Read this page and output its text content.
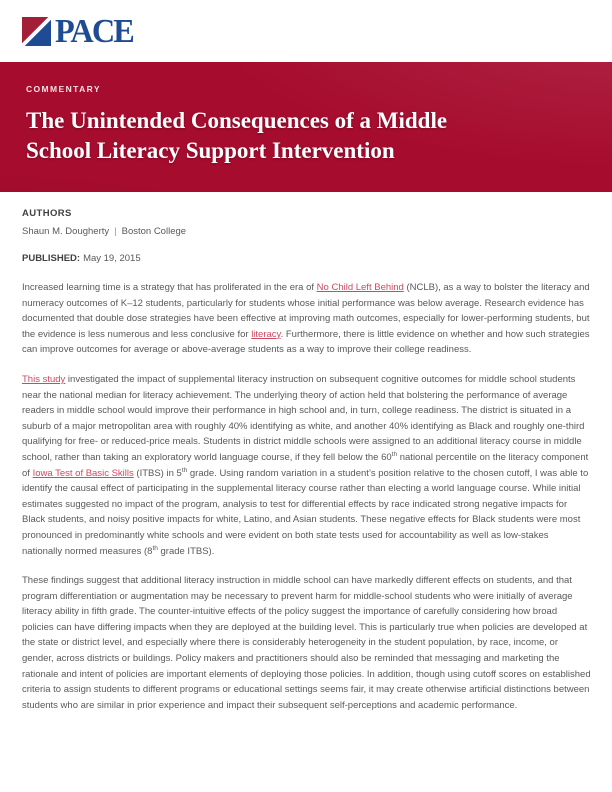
PACE
COMMENTARY
The Unintended Consequences of a Middle
School Literacy Support Intervention
AUTHORS
Shaun M. Dougherty | Boston College
PUBLISHED: May 19, 2015

Increased learning time is a strategy that has proliferated in the era of No Child Left Behind (NCLB), as a way to bolster the literacy and numeracy outcomes of K–12 students, particularly for students whose initial performance was below average. Research evidence has documented that double dose strategies have been effective at improving math outcomes, especially for lower-performing students, but the evidence is less numerous and less conclusive for literacy. Furthermore, there is little evidence on whether and how such strategies can improve outcomes for average or above-average students as a way to improve their college readiness.

This study investigated the impact of supplemental literacy instruction on subsequent cognitive outcomes for middle school students near the national median for literacy achievement. The underlying theory of action held that bolstering the performance of average readers in middle school would improve their performance in high school and, in turn, college readiness. The district is situated in a suburb of a major metropolitan area with roughly 40% identifying as white, and another 40% identifying as Black and roughly one-third qualifying for free- or reduced-price meals. Students in district middle schools were assigned to an additional literacy course in middle school, rather than taking an exploratory world language course, if they fell below the 60th national percentile on the literacy component of Iowa Test of Basic Skills (ITBS) in 5th grade. Using random variation in a student’s position relative to the chosen cutoff, I was able to identify the causal effect of participating in the supplemental literacy course rather than electing a world language course. While initial estimates suggested no impact of the program, analysis to test for differential effects by race indicated strong negative impacts for Black students, and noisy positive impacts for white, Latino, and Asian students. These negative effects for Black students were most pronounced in predominantly white schools and were evident on both state tests used for accountability as well as low-stakes nationally normed measures (8th grade ITBS).

These findings suggest that additional literacy instruction in middle school can have markedly different effects on students, and that program differentiation or augmentation may be necessary to prevent harm for middle-school students who were initially of average literacy ability in fifth grade. The counter-intuitive effects of the policy suggest the importance of carefully considering how broad policies can have differing impacts when they are deployed at the building level. This is particularly true when policies are developed at the state or district level, and especially where there is considerably heterogeneity in the student population, by race, income, or gender, across districts or buildings. Policy makers and practitioners should also be reminded that messaging and marketing the rationale and intent of policies are important elements of deploying those policies. In addition, though using cutoff scores on established criteria to assign students to different programs or educational settings seems fair, it may create otherwise artificial distinctions between students who are similar in prior experience and impact their subsequent self-perceptions and academic performance.
